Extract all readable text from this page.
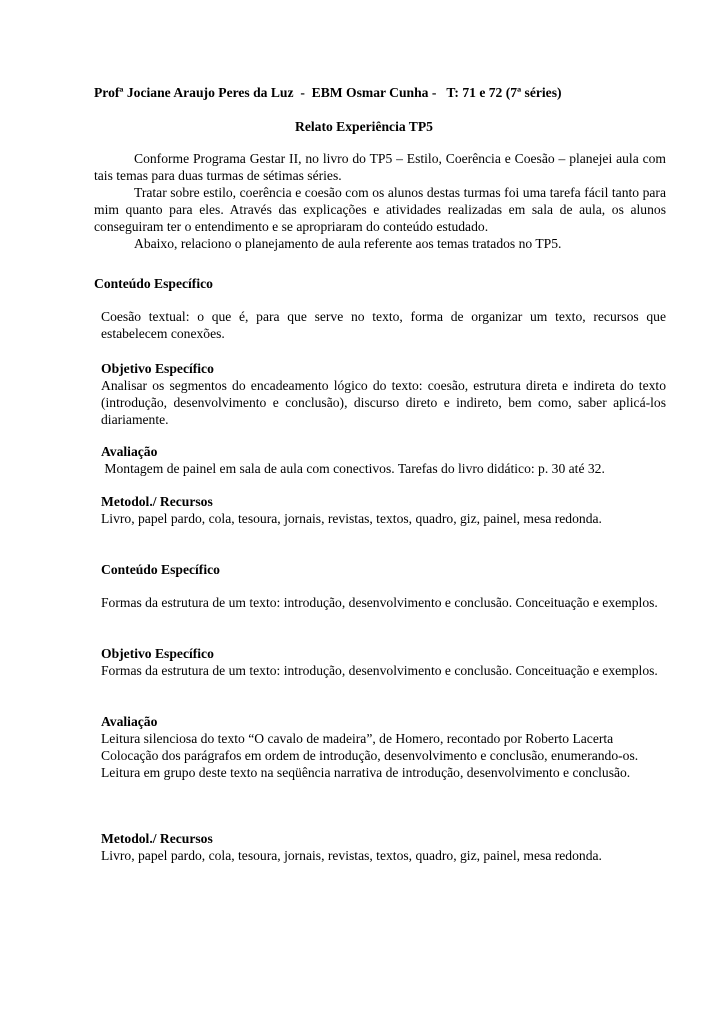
Profª Jociane Araujo Peres da Luz  -  EBM Osmar Cunha -   T: 71 e 72 (7ª séries)
Relato Experiência TP5

Conforme Programa Gestar II, no livro do TP5 – Estilo, Coerência e Coesão – planejei aula com tais temas para duas turmas de sétimas séries.

Tratar sobre estilo, coerência e coesão com os alunos destas turmas foi uma tarefa fácil tanto para mim quanto para eles. Através das explicações e atividades realizadas em sala de aula, os alunos conseguiram ter o entendimento e se apropriaram do conteúdo estudado.

Abaixo, relaciono o planejamento de aula referente aos temas tratados no TP5.

Conteúdo Específico

Coesão textual: o que é, para que serve no texto, forma de organizar um texto, recursos que estabelecem conexões.

Objetivo Específico

Analisar os segmentos do encadeamento lógico do texto: coesão, estrutura direta e indireta do texto (introdução, desenvolvimento e conclusão), discurso direto e indireto, bem como, saber aplicá-los diariamente.

Avaliação

Montagem de painel em sala de aula com conectivos. Tarefas do livro didático: p. 30 até 32.

Metodol./ Recursos

Livro, papel pardo, cola, tesoura, jornais, revistas, textos, quadro, giz, painel, mesa redonda.

Conteúdo Específico

Formas da estrutura de um texto: introdução, desenvolvimento e conclusão. Conceituação e exemplos.

Objetivo Específico

Formas da estrutura de um texto: introdução, desenvolvimento e conclusão. Conceituação e exemplos.

Avaliação

Leitura silenciosa do texto “O cavalo de madeira”, de Homero, recontado por Roberto Lacerta

Colocação dos parágrafos em ordem de introdução, desenvolvimento e conclusão, enumerando-os.

Leitura em grupo deste texto na seqüência narrativa de introdução, desenvolvimento e conclusão.

Metodol./ Recursos

Livro, papel pardo, cola, tesoura, jornais, revistas, textos, quadro, giz, painel, mesa redonda.
